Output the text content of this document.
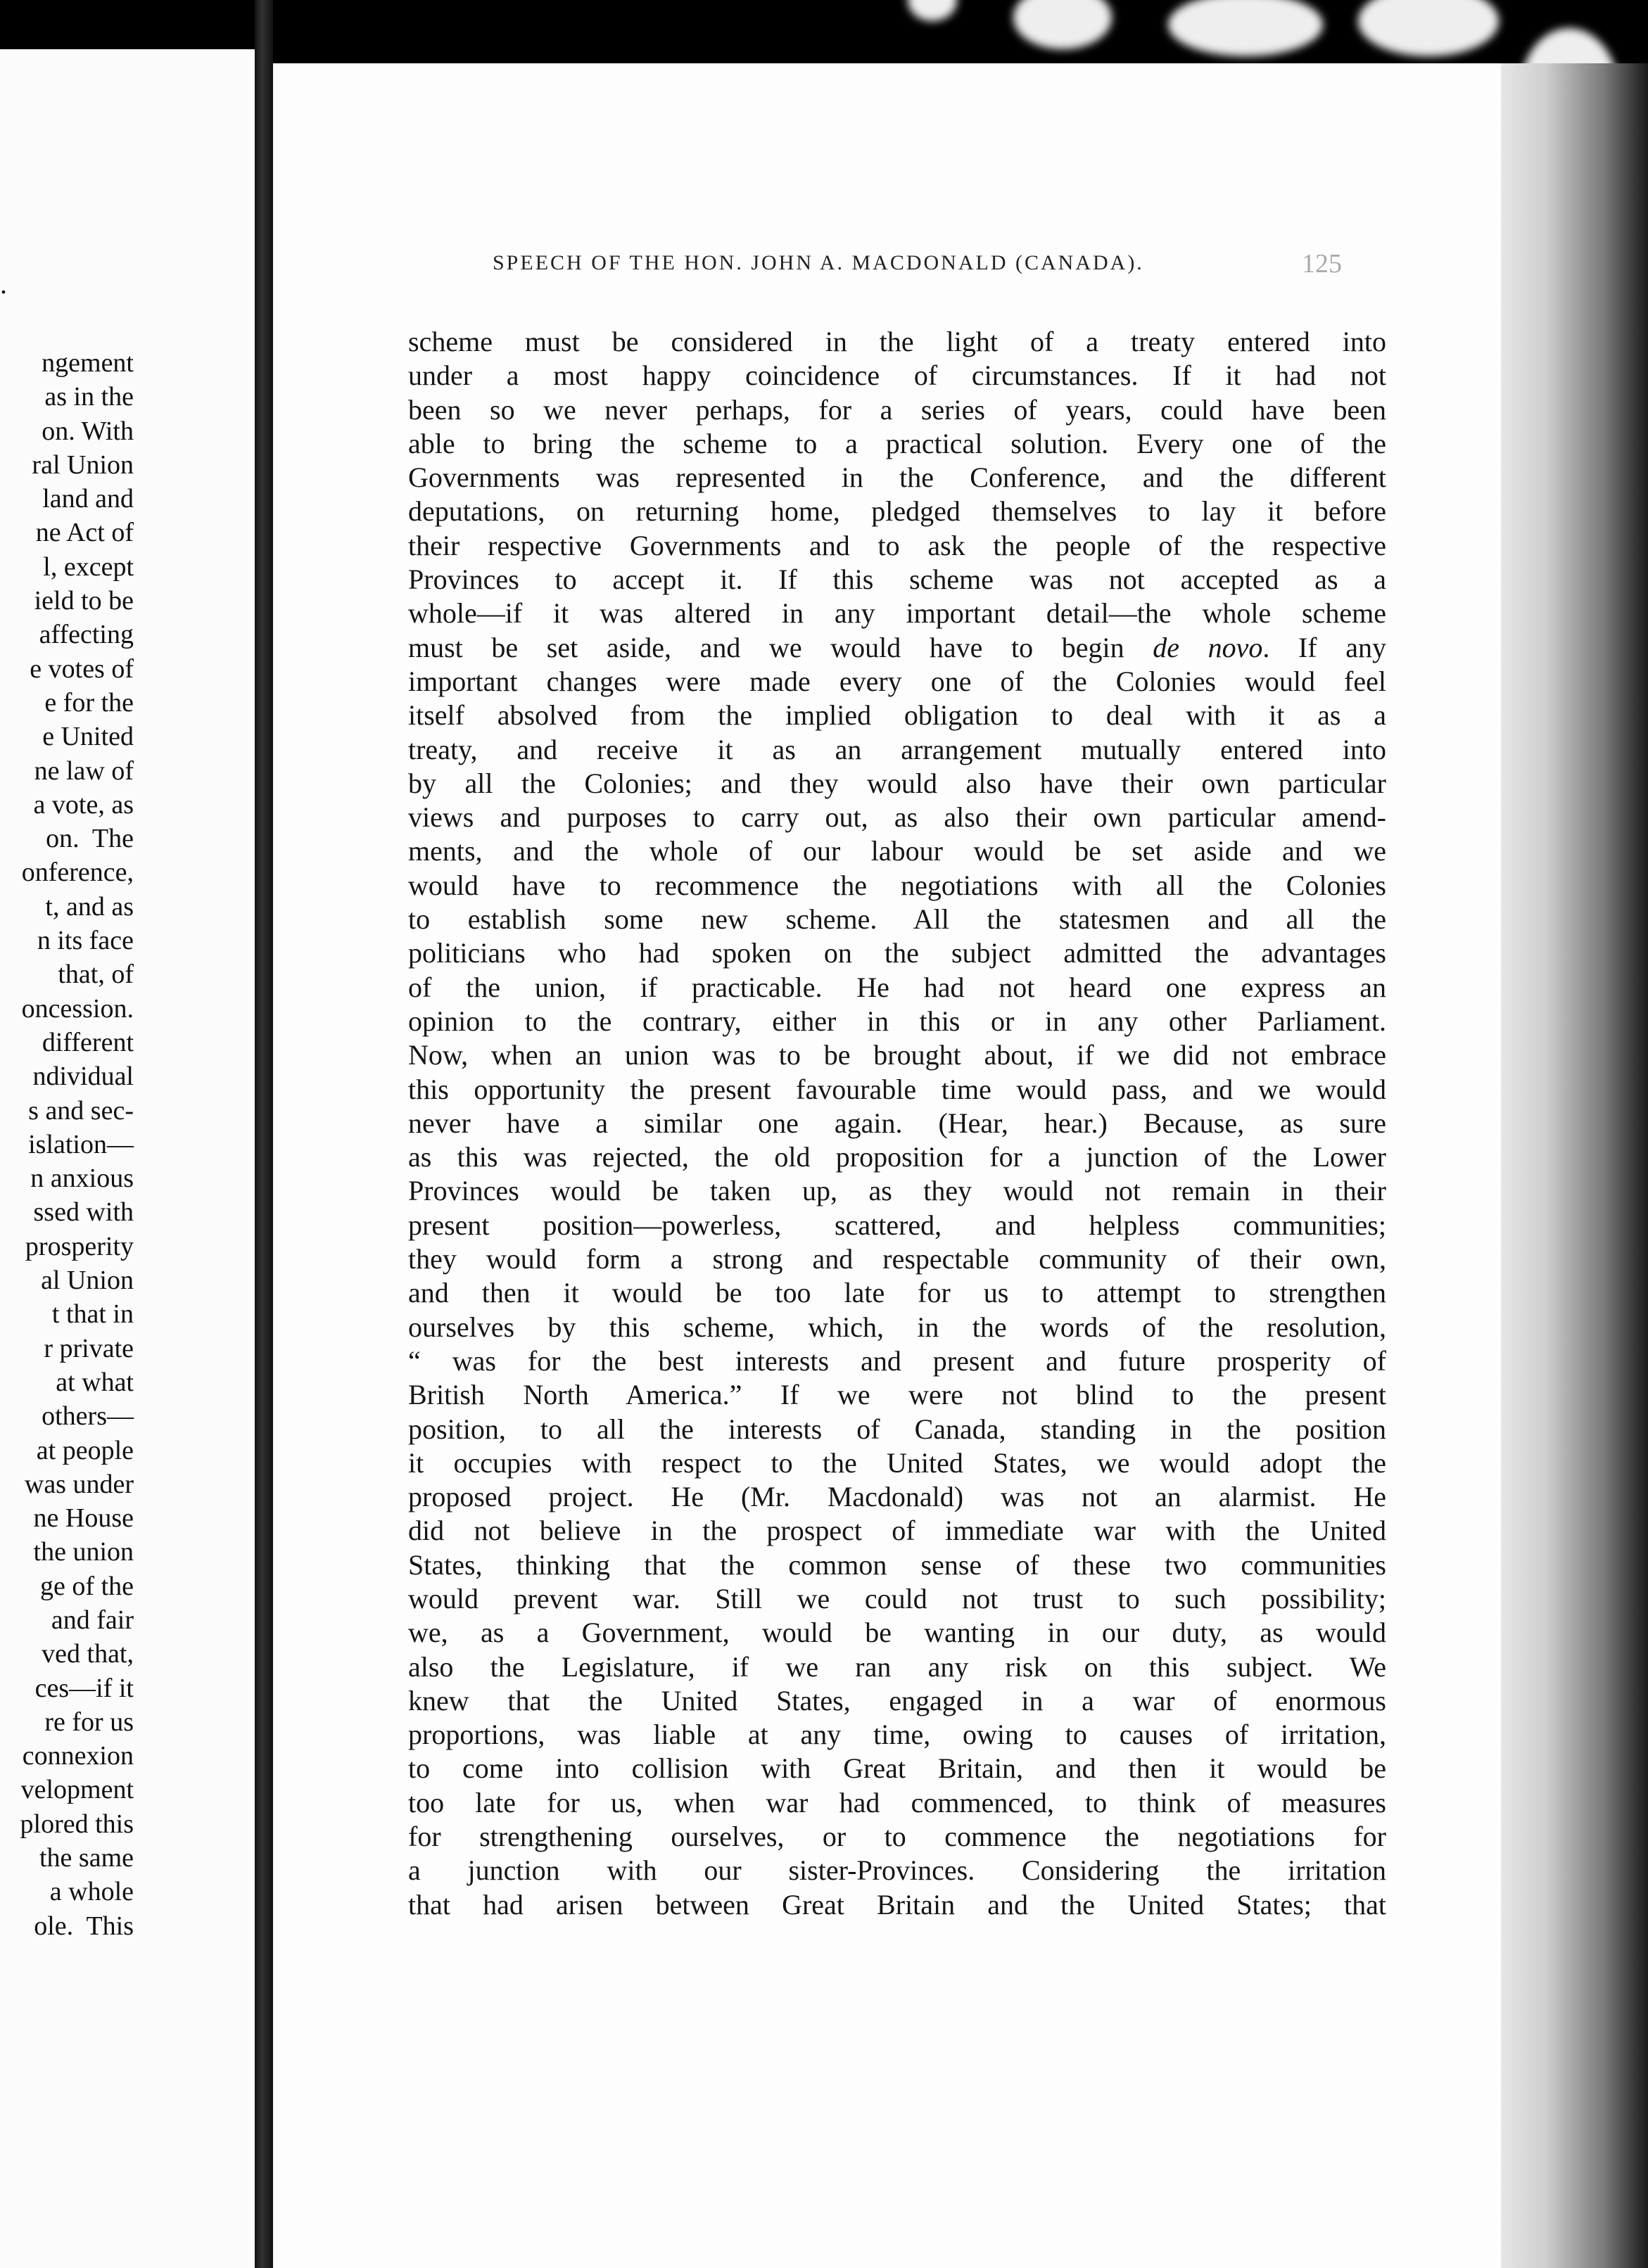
.
ngement
as in the
on. With
ral Union
land and
ne Act of
l, except
ield to be
affecting
e votes of
e for the
e United
ne law of
a vote, as
on.  The
onference,
t, and as
n its face
that, of
oncession.
different
ndividual
s and sec-
islation—
n anxious
ssed with
prosperity
al Union
t that in
r private
at what
others—
at people
was under
ne House
the union
ge of the
and fair
ved that,
ces—if it
re for us
connexion
velopment
plored this
the same
a whole
ole.  This
SPEECH OF THE HON. JOHN A. MACDONALD (CANADA).	125
scheme must be considered in the light of a treaty entered into
under a most happy coincidence of circumstances. If it had not
been so we never perhaps, for a series of years, could have been
able to bring the scheme to a practical solution. Every one of the
Governments was represented in the Conference, and the different
deputations, on returning home, pledged themselves to lay it before
their respective Governments and to ask the people of the respective
Provinces to accept it. If this scheme was not accepted as a
whole—if it was altered in any important detail—the whole scheme
must be set aside, and we would have to begin de novo. If any
important changes were made every one of the Colonies would feel
itself absolved from the implied obligation to deal with it as a
treaty, and receive it as an arrangement mutually entered into
by all the Colonies; and they would also have their own particular
views and purposes to carry out, as also their own particular amend-
ments, and the whole of our labour would be set aside and we
would have to recommence the negotiations with all the Colonies
to establish some new scheme. All the statesmen and all the
politicians who had spoken on the subject admitted the advantages
of the union, if practicable. He had not heard one express an
opinion to the contrary, either in this or in any other Parliament.
Now, when an union was to be brought about, if we did not embrace
this opportunity the present favourable time would pass, and we would
never have a similar one again. (Hear, hear.) Because, as sure
as this was rejected, the old proposition for a junction of the Lower
Provinces would be taken up, as they would not remain in their
present position—powerless, scattered, and helpless communities;
they would form a strong and respectable community of their own,
and then it would be too late for us to attempt to strengthen
ourselves by this scheme, which, in the words of the resolution,
“ was for the best interests and present and future prosperity of
British North America.” If we were not blind to the present
position, to all the interests of Canada, standing in the position
it occupies with respect to the United States, we would adopt the
proposed project. He (Mr. Macdonald) was not an alarmist. He
did not believe in the prospect of immediate war with the United
States, thinking that the common sense of these two communities
would prevent war. Still we could not trust to such possibility;
we, as a Government, would be wanting in our duty, as would
also the Legislature, if we ran any risk on this subject. We
knew that the United States, engaged in a war of enormous
proportions, was liable at any time, owing to causes of irritation,
to come into collision with Great Britain, and then it would be
too late for us, when war had commenced, to think of measures
for strengthening ourselves, or to commence the negotiations for
a junction with our sister-Provinces. Considering the irritation
that had arisen between Great Britain and the United States; that
